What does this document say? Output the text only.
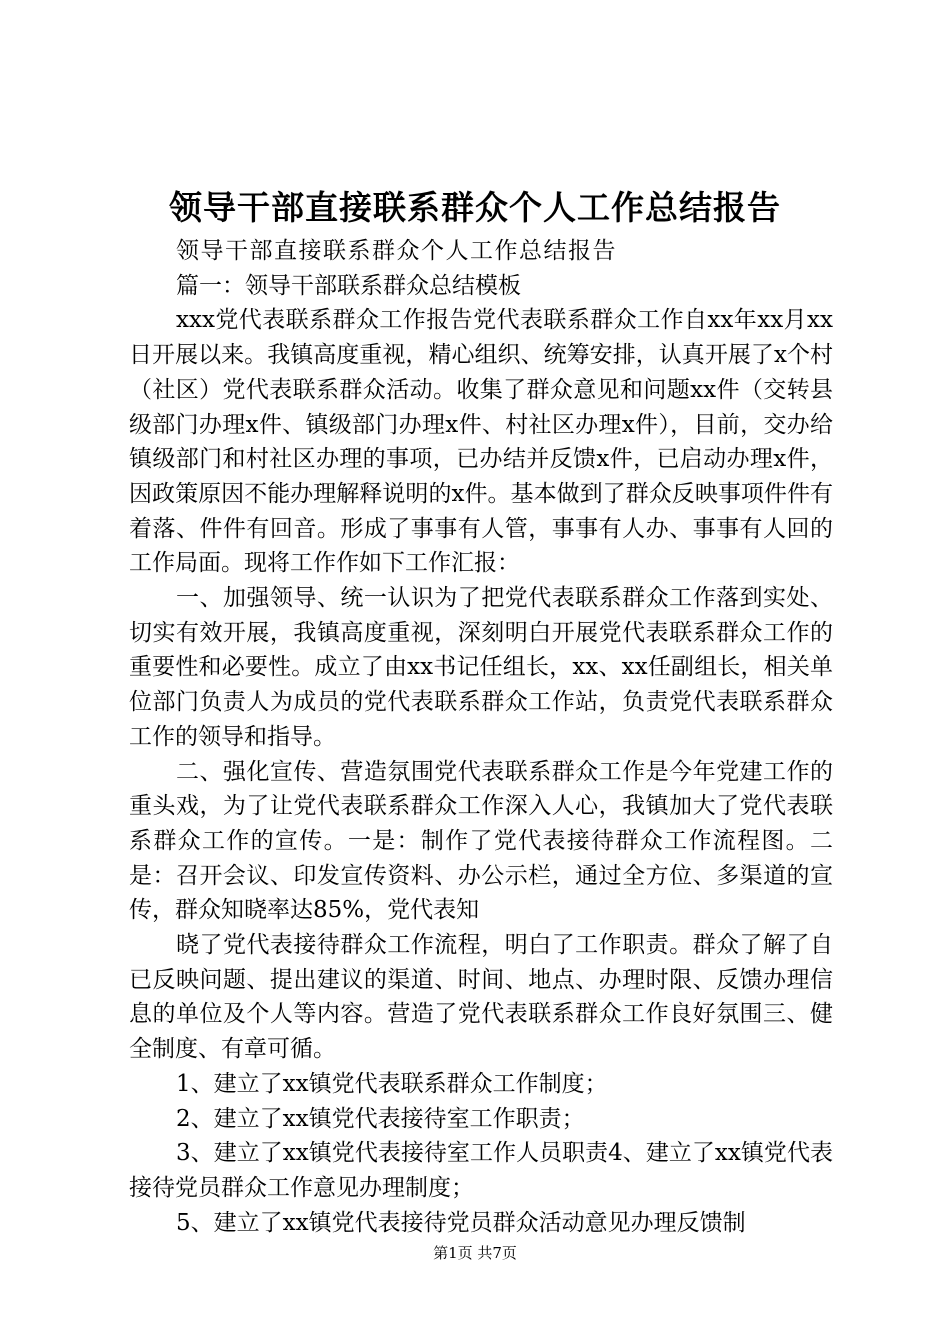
领导干部直接联系群众个人工作总结报告

领导干部直接联系群众个人工作总结报告

篇一：领导干部联系群众总结模板

xxx党代表联系群众工作报告党代表联系群众工作自xx年xx月xx日开展以来。我镇高度重视，精心组织、统筹安排，认真开展了x个村（社区）党代表联系群众活动。收集了群众意见和问题xx件（交转县级部门办理x件、镇级部门办理x件、村社区办理x件），目前，交办给镇级部门和村社区办理的事项，已办结并反馈x件，已启动办理x件，因政策原因不能办理解释说明的x件。基本做到了群众反映事项件件有着落、件件有回音。形成了事事有人管，事事有人办、事事有人回的工作局面。现将工作作如下工作汇报：

一、加强领导、统一认识为了把党代表联系群众工作落到实处、切实有效开展，我镇高度重视，深刻明白开展党代表联系群众工作的重要性和必要性。成立了由xx书记任组长，xx、xx任副组长，相关单位部门负责人为成员的党代表联系群众工作站，负责党代表联系群众工作的领导和指导。

二、强化宣传、营造氛围党代表联系群众工作是今年党建工作的重头戏，为了让党代表联系群众工作深入人心，我镇加大了党代表联系群众工作的宣传。一是：制作了党代表接待群众工作流程图。二是：召开会议、印发宣传资料、办公示栏，通过全方位、多渠道的宣传，群众知晓率达85%，党代表知

晓了党代表接待群众工作流程，明白了工作职责。群众了解了自已反映问题、提出建议的渠道、时间、地点、办理时限、反馈办理信息的单位及个人等内容。营造了党代表联系群众工作良好氛围三、健全制度、有章可循。

1、建立了xx镇党代表联系群众工作制度；

2、建立了xx镇党代表接待室工作职责；

3、建立了xx镇党代表接待室工作人员职责4、建立了xx镇党代表接待党员群众工作意见办理制度；

5、建立了xx镇党代表接待党员群众活动意见办理反馈制

第1页 共7页
